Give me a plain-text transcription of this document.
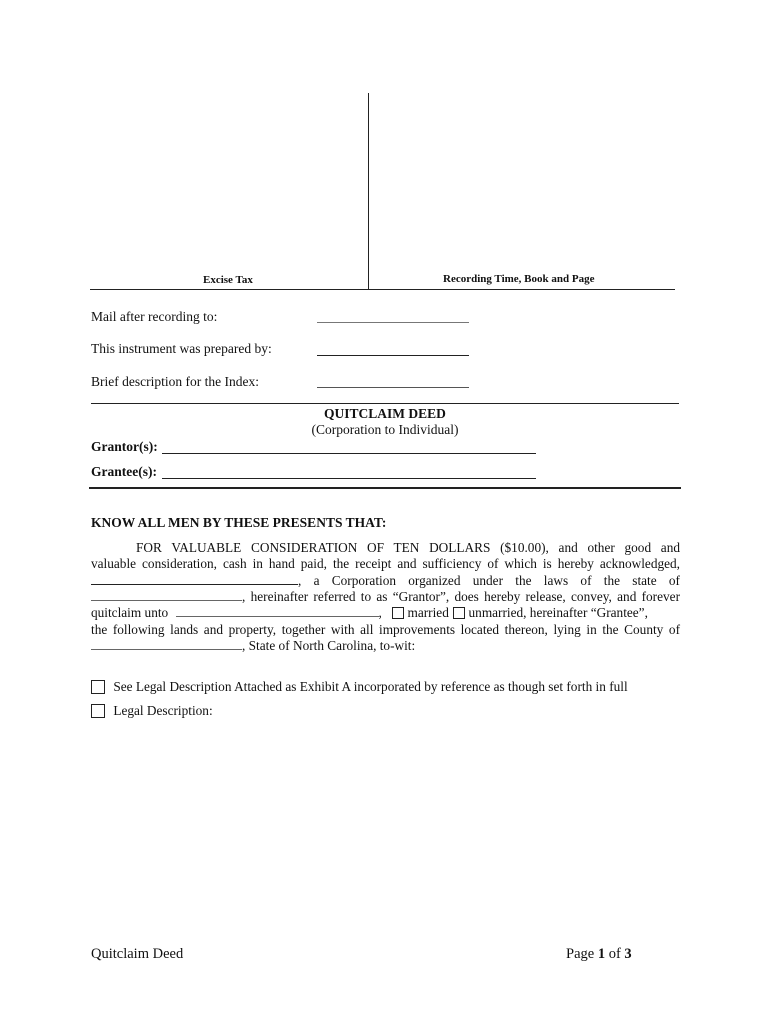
Excise Tax	Recording Time, Book and Page
Mail after recording to:
This instrument was prepared by:
Brief description for the Index:
QUITCLAIM DEED
(Corporation to Individual)
Grantor(s):
Grantee(s):
KNOW ALL MEN BY THESE PRESENTS THAT:
FOR VALUABLE CONSIDERATION OF TEN DOLLARS ($10.00), and other good and
valuable consideration, cash in hand paid, the receipt and sufficiency of which is hereby acknowledged,
, a Corporation organized under the laws of the state of
, hereinafter referred to as “Grantor”, does hereby release, convey, and forever
quitclaim unto	, married unmarried, hereinafter “Grantee”,
the following lands and property, together with all improvements located thereon, lying in the County of
, State of North Carolina, to-wit:
See Legal Description Attached as Exhibit A incorporated by reference as though set forth in full
Legal Description:
Quitclaim Deed	Page 1 of 3
